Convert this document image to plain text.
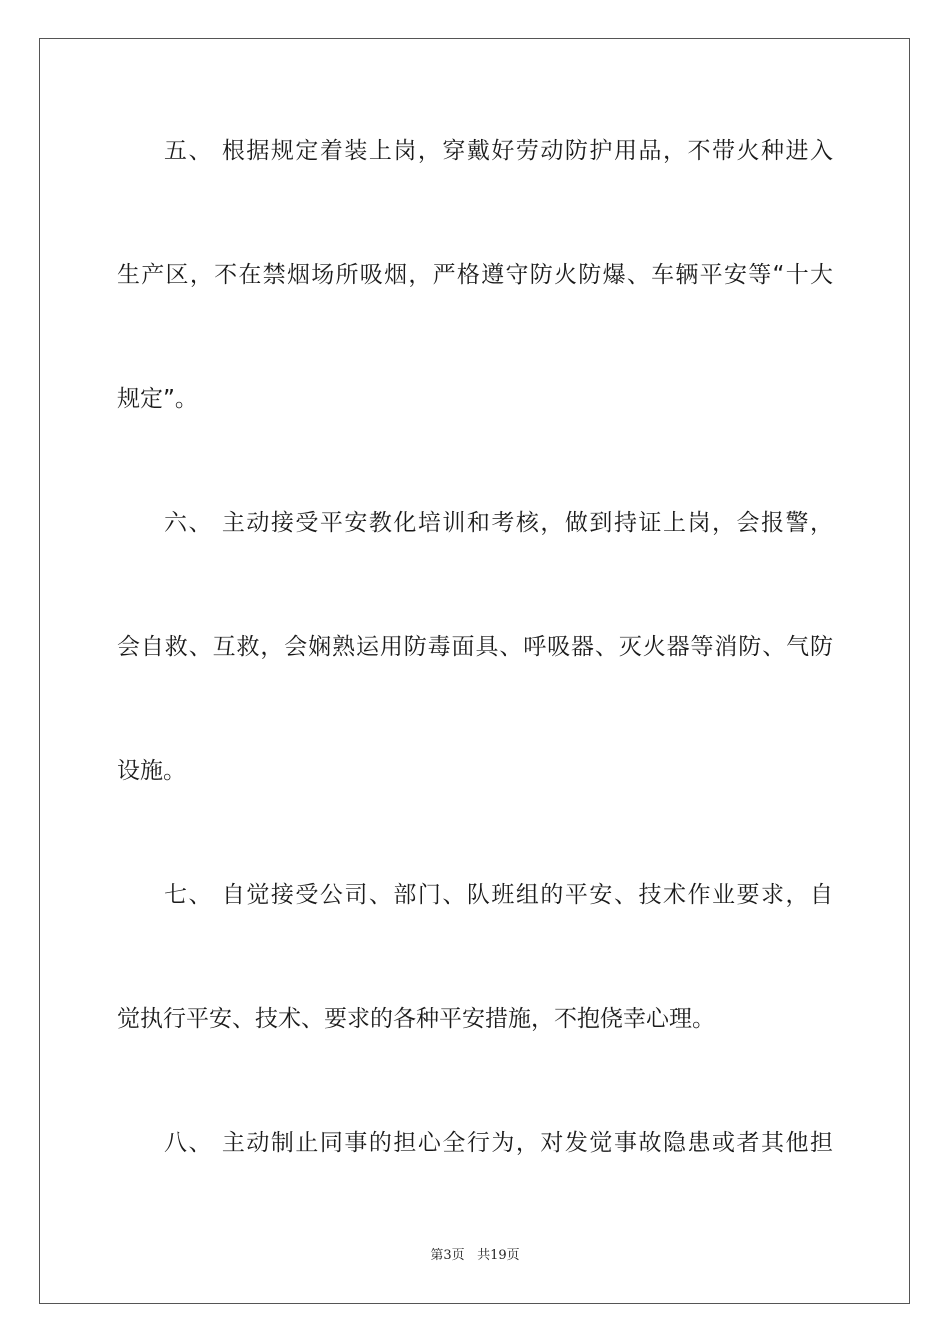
五、 根据规定着装上岗，穿戴好劳动防护用品，不带火种进入
生产区，不在禁烟场所吸烟，严格遵守防火防爆、车辆平安等“十大
规定”。
六、 主动接受平安教化培训和考核，做到持证上岗，会报警，
会自救、互救，会娴熟运用防毒面具、呼吸器、灭火器等消防、气防
设施。
七、 自觉接受公司、部门、队班组的平安、技术作业要求，自
觉执行平安、技术、要求的各种平安措施，不抱侥幸心理。
八、 主动制止同事的担心全行为，对发觉事故隐患或者其他担
第3页 共19页
